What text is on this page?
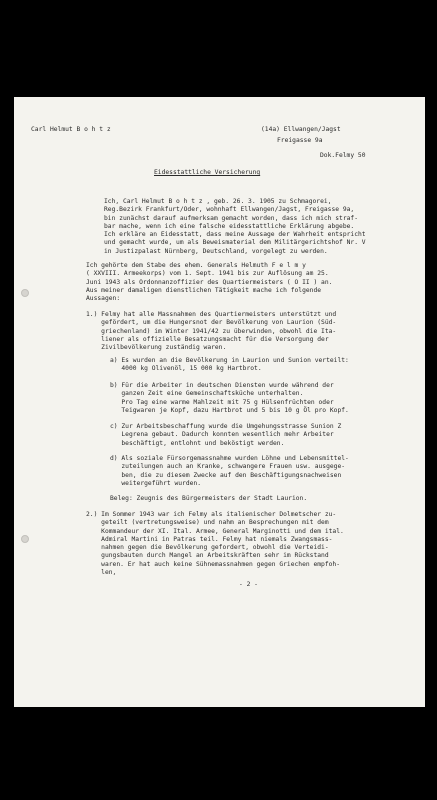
Carl Helmut B o h t z	(14a) Ellwangen/Jagst
Freigasse 9a
Dok.Felmy 50
Eidesstattliche Versicherung
Ich, Carl Helmut B o h t z , geb. 26. 3. 1905 zu Schmagorei,
Reg.Bezirk Frankfurt/Oder, wohnhaft Ellwangen/Jagst, Freigasse 9a,
bin zunächst darauf aufmerksam gemacht worden, dass ich mich straf-
bar mache, wenn ich eine falsche eidesstattliche Erklärung abgebe.
Ich erkläre an Eidesstatt, dass meine Aussage der Wahrheit entspricht
und gemacht wurde, um als Beweismaterial dem Militärgerichtshof Nr. V
in Justizpalast Nürnberg, Deutschland, vorgelegt zu werden.
Ich gehörte dem Stabe des ehem. Generals Helmuth F e l m y
( XXVIII. Armeekorps) vom 1. Sept. 1941 bis zur Auflösung am 25.
Juni 1943 als Ordonnanzoffizier des Quartiermeisters ( O II ) an.
Aus meiner damaligen dienstlichen Tätigkeit mache ich folgende
Aussagen:
1.) Felmy hat alle Massnahmen des Quartiermeisters unterstützt und
gefördert, um die Hungersnot der Bevölkerung von Laurion (Süd-
griechenland) im Winter 1941/42 zu überwinden, obwohl die Ita-
liener als offizielle Besatzungsmacht für die Versorgung der
Zivilbevölkerung zuständig waren.
a) Es wurden an die Bevölkerung in Laurion und Sunion verteilt:
4000 kg Olivenöl, 15 000 kg Hartbrot.
b) Für die Arbeiter in deutschen Diensten wurde während der
ganzen Zeit eine Gemeinschaftsküche unterhalten.
Pro Tag eine warme Mahlzeit mit 75 g Hülsenfrüchten oder
Teigwaren je Kopf, dazu Hartbrot und 5 bis 10 g Öl pro Kopf.
c) Zur Arbeitsbeschaffung wurde die Umgehungsstrasse Sunion Z
Legrena gebaut. Dadurch konnten wesentlich mehr Arbeiter
beschäftigt, entlohnt und beköstigt werden.
d) Als soziale Fürsorgemassnahme wurden Löhne und Lebensmittel-
zuteilungen auch an Kranke, schwangere Frauen usw. ausgege-
ben, die zu diesem Zwecke auf den Beschäftigungsnachweisen
weitergeführt wurden.
Beleg: Zeugnis des Bürgermeisters der Stadt Laurion.
2.) Im Sommer 1943 war ich Felmy als italienischer Dolmetscher zu-
geteilt (vertretungsweise) und nahm an Besprechungen mit dem
Kommandeur der XI. Ital. Armee, General Marginotti und dem ital.
Admiral Martini in Patras teil. Felmy hat niemals Zwangsmass-
nahmen gegen die Bevölkerung gefordert, obwohl die Verteidi-
gungsbauten durch Mangel an Arbeitskräften sehr im Rückstand
waren. Er hat auch keine Sühnemassnahmen gegen Griechen empfoh-
len,
- 2 -
